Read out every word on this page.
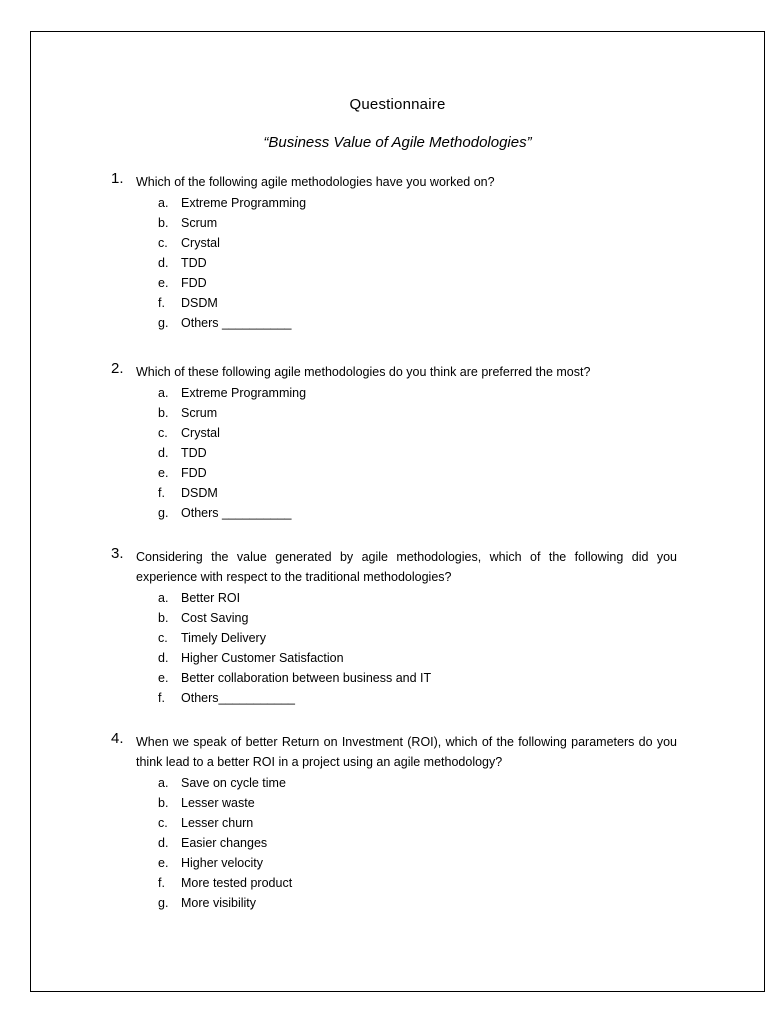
Questionnaire
“Business Value of Agile Methodologies”
1. Which of the following agile methodologies have you worked on?
a. Extreme Programming
b. Scrum
c. Crystal
d. TDD
e. FDD
f. DSDM
g. Others __________
2. Which of these following agile methodologies do you think are preferred the most?
a. Extreme Programming
b. Scrum
c. Crystal
d. TDD
e. FDD
f. DSDM
g. Others __________
3. Considering the value generated by agile methodologies, which of the following did you experience with respect to the traditional methodologies?
a. Better ROI
b. Cost Saving
c. Timely Delivery
d. Higher Customer Satisfaction
e. Better collaboration between business and IT
f. Others___________
4. When we speak of better Return on Investment (ROI), which of the following parameters do you think lead to a better ROI in a project using an agile methodology?
a. Save on cycle time
b. Lesser waste
c. Lesser churn
d. Easier changes
e. Higher velocity
f. More tested product
g. More visibility
